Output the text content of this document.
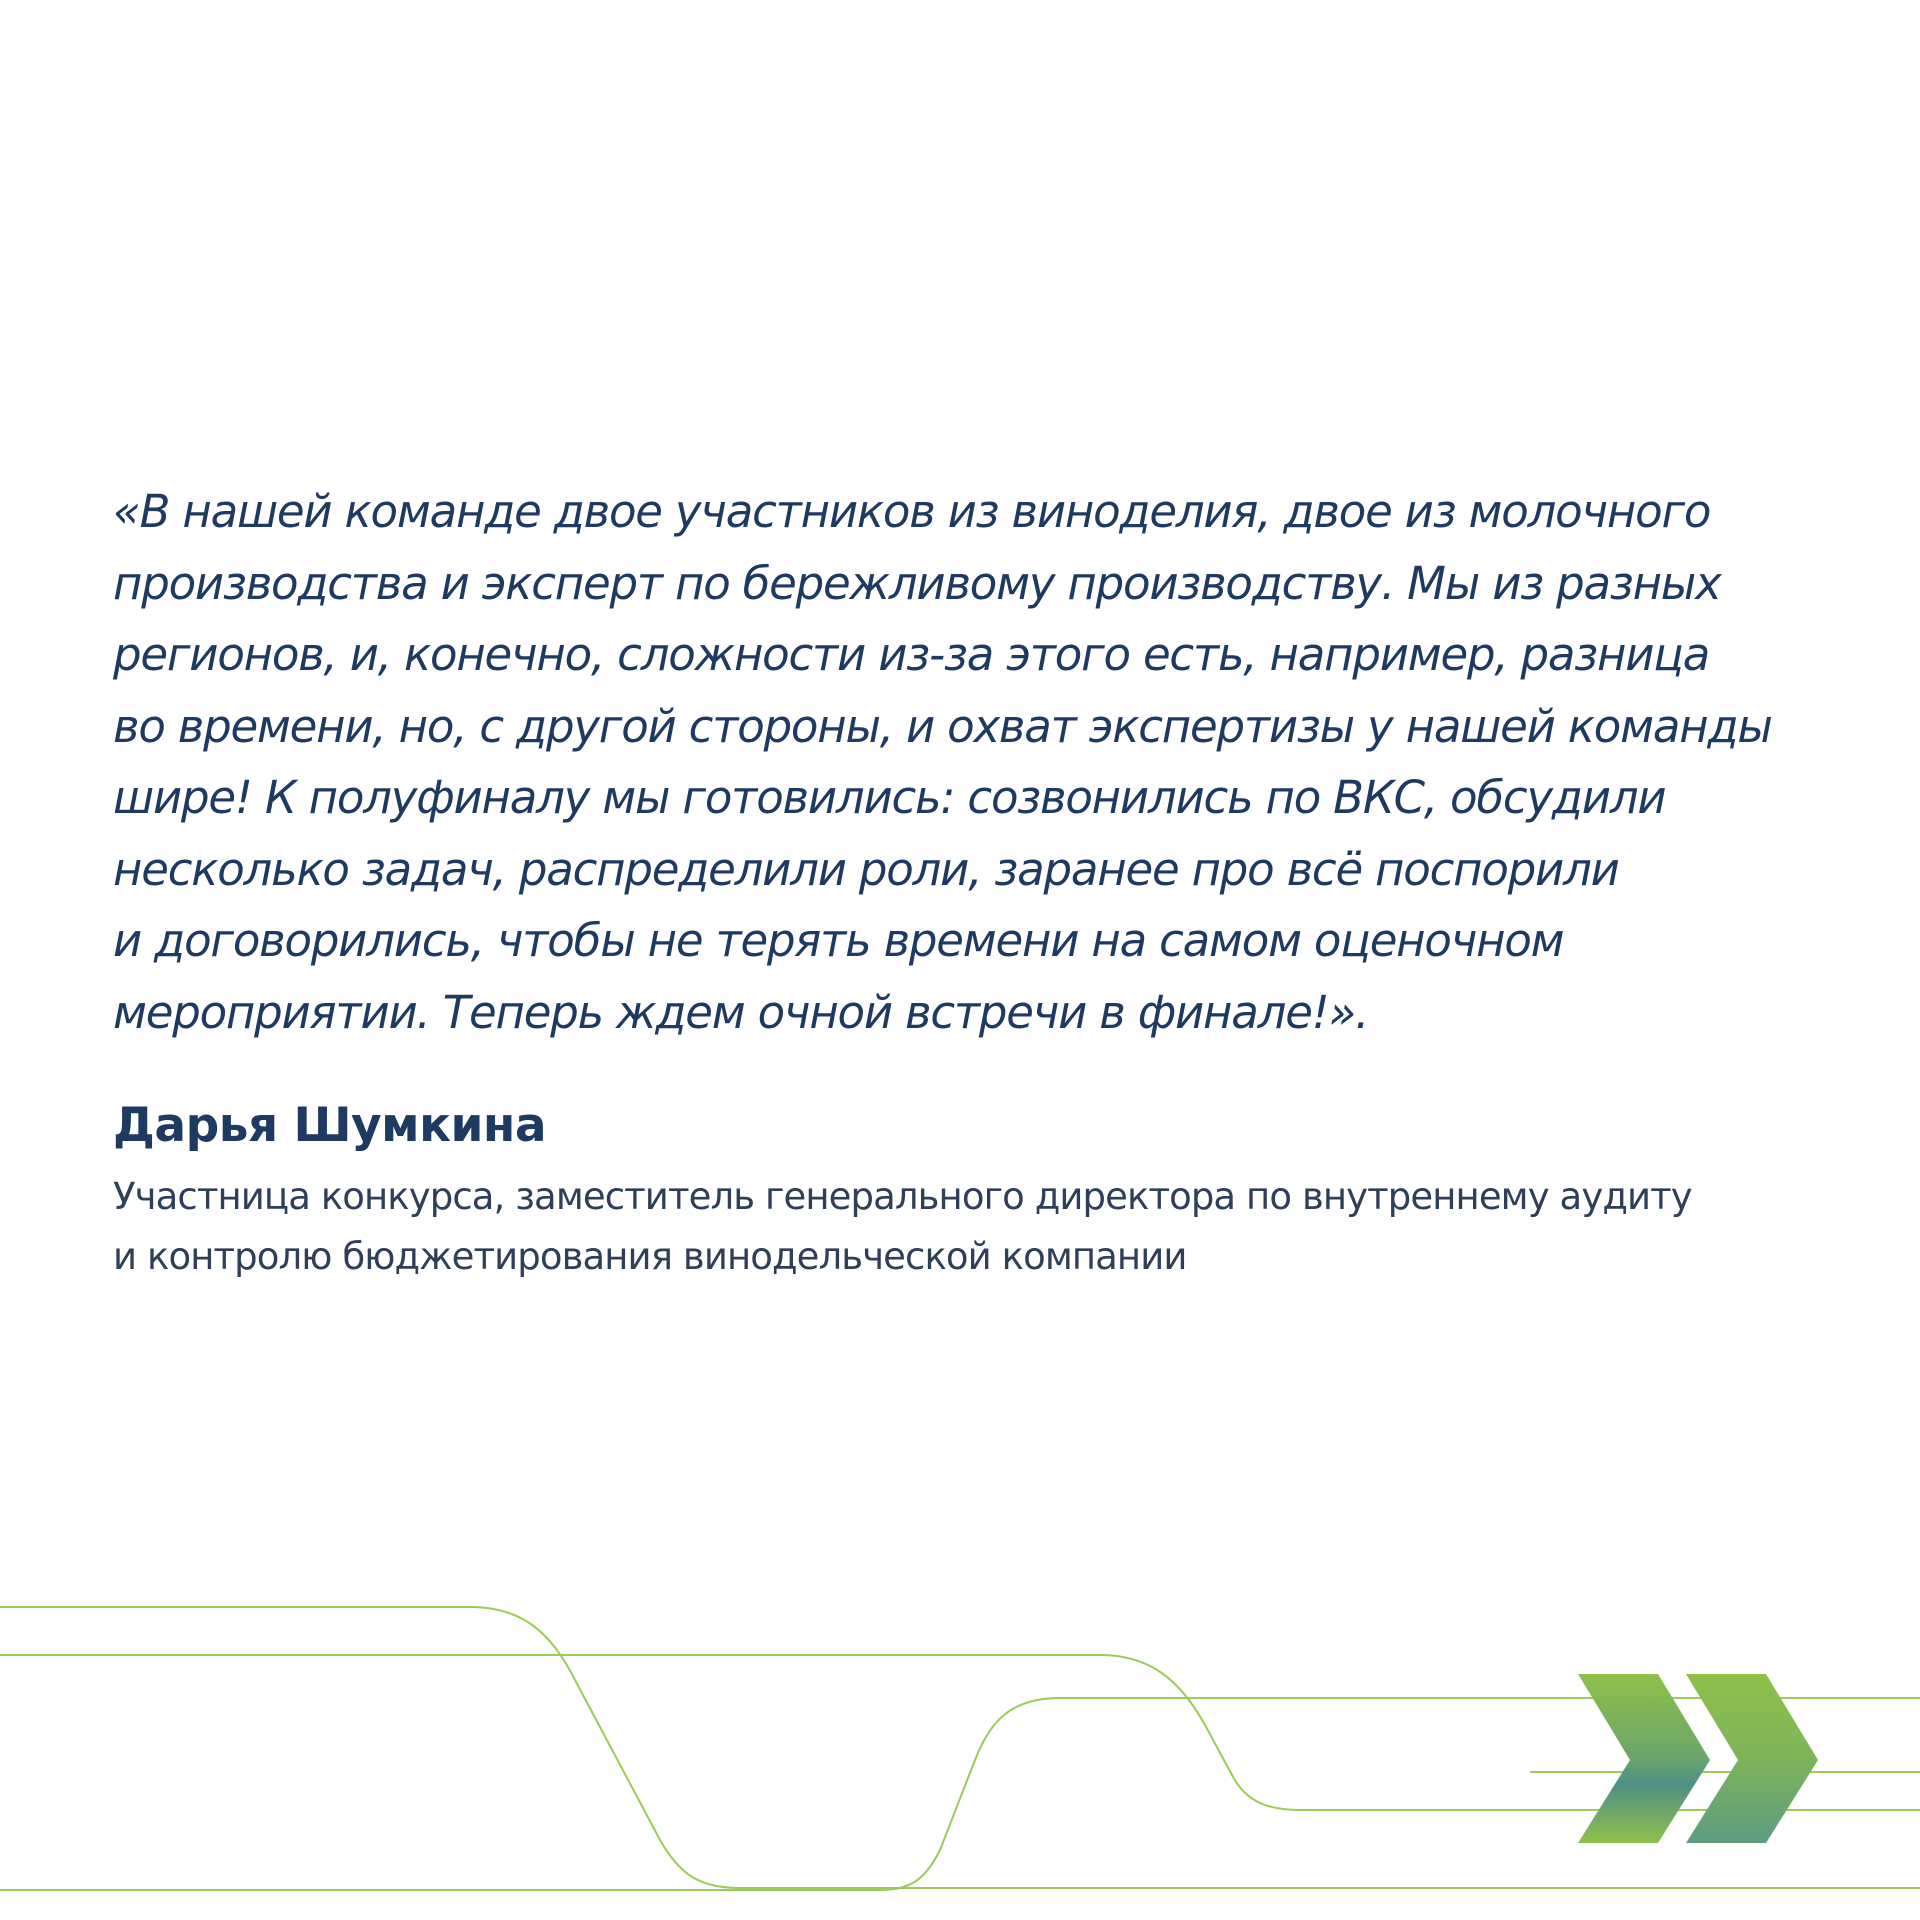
«В нашей команде двое участников из виноделия, двое из молочного
производства и эксперт по бережливому производству. Мы из разных
регионов, и, конечно, сложности из-за этого есть, например, разница
во времени, но, с другой стороны, и охват экспертизы у нашей команды
шире! К полуфиналу мы готовились: созвонились по ВКС, обсудили
несколько задач, распределили роли, заранее про всё поспорили
и договорились, чтобы не терять времени на самом оценочном
мероприятии. Теперь ждем очной встречи в финале!».

Дарья Шумкина

Участница конкурса, заместитель генерального директора по внутреннему аудиту
и контролю бюджетирования винодельческой компании
